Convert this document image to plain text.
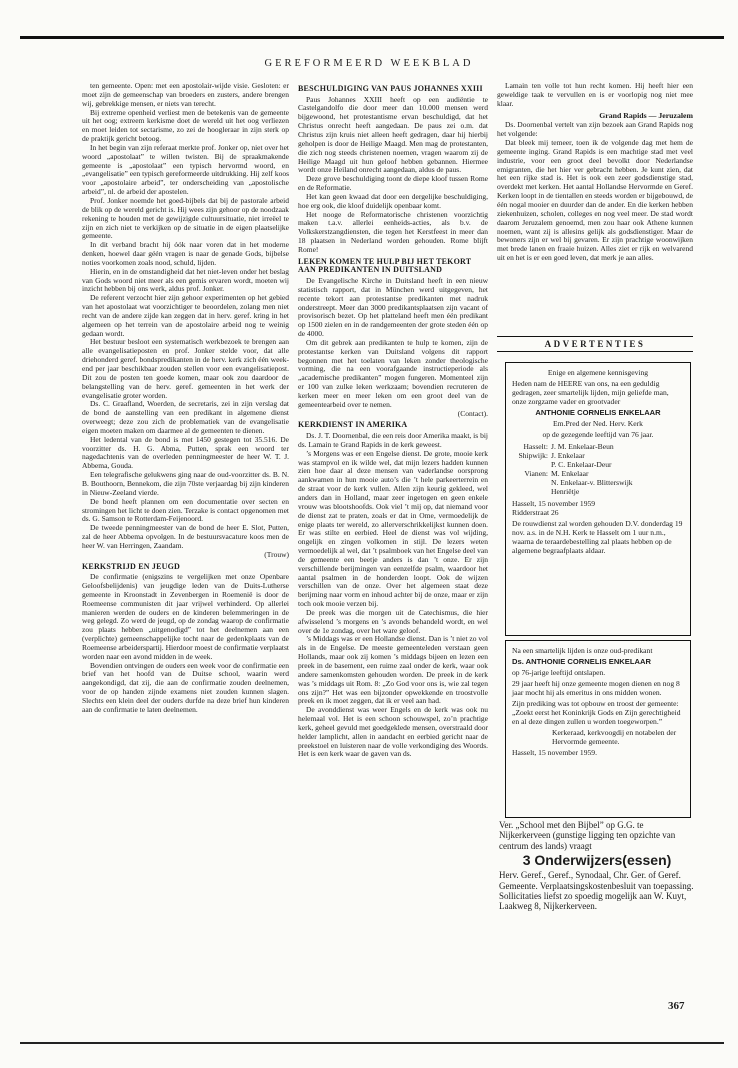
GEREFORMEERD WEEKBLAD

ten gemeente. Open: met een apostolair-wijde visie. Gesloten: er moet zijn de gemeenschap van broeders en zusters, andere brengen wij, gebrekkige mensen, er niets van terecht.

Bij extreme openheid verliest men de betekenis van de gemeente uit het oog; extreem kerkisme doet de wereld uit het oog verliezen en moet leiden tot sectarisme, zo zei de hoogleraar in zijn sterk op de praktijk gericht betoog.

In het begin van zijn referaat merkte prof. Jonker op, niet over het woord „apostolaat” te willen twisten. Bij de spraakmakende gemeente is „apostolaat” een typisch hervormd woord, en „evangelisatie” een typisch gereformeerde uitdrukking. Hij zelf koos voor „apostolaire arbeid”, ter onderscheiding van „apostolische arbeid”, nl. de arbeid der apostelen.

Prof. Jonker noemde het goed-bijbels dat bij de pastorale arbeid de blik op de wereld gericht is. Hij wees zijn gehoor op de noodzaak rekening te houden met de gewijzigde cultuursituatie, niet irreëel te zijn en zich niet te verkijken op de situatie in de eigen plaatselijke gemeente.

In dit verband bracht hij óók naar voren dat in het moderne denken, hoewel daar géén vragen is naar de genade Gods, bijbelse noties voorkomen zoals nood, schuld, lijden.

Hierin, en in de omstandigheid dat het niet-leven onder het beslag van Gods woord niet meer als een gemis ervaren wordt, moeten wij inzicht hebben bij ons werk, aldus prof. Jonker.

De referent verzocht hier zijn gehoor experimenten op het gebied van het apostolaat wat voorzichtiger te beoordelen, zolang men niet recht van de andere zijde kan zeggen dat in herv. geref. kring in het algemeen op het terrein van de apostolaire arbeid nog te weinig gedaan wordt.

Het bestuur besloot een systematisch werkbezoek te brengen aan alle evangelisatieposten en prof. Jonker stelde voor, dat alle driehonderd geref. bondspredikanten in de herv. kerk zich één week-end per jaar beschikbaar zouden stellen voor een evangelisatiepost. Dit zou de posten ten goede komen, maar ook zou daardoor de belangstelling van de herv. geref. gemeenten in het werk der evangelisatie groter worden.

Ds. C. Graafland, Woerden, de secretaris, zei in zijn verslag dat de bond de aanstelling van een predikant in algemene dienst overweegt; deze zou zich de problematiek van de evangelisatie eigen moeten maken om daarmee al de gemeenten te dienen.

Het ledental van de bond is met 1450 gestegen tot 35.516. De voorzitter ds. H. G. Abma, Putten, sprak een woord ter nagedachtenis van de overleden penningmeester de heer W. T. J. Abbema, Gouda.

Een telegrafische gelukwens ging naar de oud-voorzitter ds. B. N. B. Bouthoorn, Bennekom, die zijn 70ste verjaardag bij zijn kinderen in Nieuw-Zeeland vierde.

De bond heeft plannen om een documentatie over secten en stromingen het licht te doen zien. Terzake is contact opgenomen met ds. G. Samson te Rotterdam-Feijenoord.

De tweede penningmeester van de bond de heer E. Slot, Putten, zal de heer Abbema opvolgen. In de bestuursvacature koos men de heer W. van Herringen, Zaandam.

(Trouw)

KERKSTRIJD EN JEUGD

De confirmatie (enigszins te vergelijken met onze Openbare Geloofsbelijdenis) van jeugdige leden van de Duits-Lutherse gemeente in Kroonstadt in Zevenbergen in Roemenië is door de Roemeense communisten dit jaar vrijwel verhinderd. Op allerlei manieren werden de ouders en de kinderen belemmeringen in de weg gelegd. Zo werd de jeugd, op de zondag waarop de confirmatie zou plaats hebben „uitgenodigd” tot het deelnemen aan een (verplichte) gemeenschappelijke tocht naar de gedenkplaats van de Roemeense arbeiderspartij. Hierdoor moest de confirmatie verplaatst worden naar een avond midden in de week.

Bovendien ontvingen de ouders een week voor de confirmatie een brief van het hoofd van de Duitse school, waarin werd aangekondigd, dat zij, die aan de confirmatie zouden deelnemen, voor de op handen zijnde examens niet zouden kunnen slagen. Slechts een klein deel der ouders durfde na deze brief hun kinderen aan de confirmatie te laten deelnemen.

BESCHULDIGING VAN PAUS JOHANNES XXIII

Paus Johannes XXIII heeft op een audiëntie te Castelgandolfo die door meer dan 10.000 mensen werd bijgewoond, het protestantisme ervan beschuldigd, dat het Christus onrecht heeft aangedaan. De paus zei o.m. dat Christus zijn kruis niet alleen heeft gedragen, daar hij hierbij geholpen is door de Heilige Maagd. Men mag de protestanten, die zich nog steeds christenen noemen, vragen waarom zij de Heilige Maagd uit hun geloof hebben gebannen. Hiermee wordt onze Heiland onrecht aangedaan, aldus de paus.

Deze grove beschuldiging toont de diepe kloof tussen Rome en de Reformatie.

Het kan geen kwaad dat door een dergelijke beschuldiging, hoe erg ook, die kloof duidelijk openbaar komt.

Het nooge de Reformatorische christenen voorzichtig maken t.a.v. allerlei eenheids-acties, als b.v. de Volkskerstzangdiensten, die tegen het Kerstfeest in meer dan 18 plaatsen in Nederland worden gehouden. Rome blijft Rome!

LEKEN KOMEN TE HULP BIJ HET TEKORT AAN PREDIKANTEN IN DUITSLAND

De Evangelische Kirche in Duitsland heeft in een nieuw statistisch rapport, dat in München werd uitgegeven, het recente tekort aan protestantse predikanten met nadruk onderstreept. Meer dan 3000 predikantsplaatsen zijn vacant of provisorisch bezet. Op het platteland heeft men één predikant op 1500 zielen en in de randgemeenten der grote steden één op de 4000.

Om dit gebrek aan predikanten te hulp te komen, zijn de protestantse kerken van Duitsland volgens dit rapport begonnen met het toelaten van leken zonder theologische vorming, die na een voorafgaande instructieperiode als „academische predikanten” mogen fungeren. Momenteel zijn er 100 van zulke leken werkzaam; bovendien recruteren de kerken meer en meer leken om een groot deel van de gemeentearbeid over te nemen.

(Contact).

KERKDIENST IN AMERIKA

Ds. J. T. Doornenbal, die een reis door Amerika maakt, is bij ds. Lamain te Grand Rapids in de kerk geweest.

’s Morgens was er een Engelse dienst. De grote, mooie kerk was stampvol en ik wilde wel, dat mijn lezers hadden kunnen zien hoe daar al deze mensen van vaderlandse oorsprong aankwamen in hun mooie auto’s die ’t hele parkeerterrein en de straat voor de kerk vullen. Allen zijn keurig gekleed, wel anders dan in Holland, maar zeer ingetogen en geen enkele vrouw was blootshoofds. Ook viel ’t mij op, dat niemand voor de dienst zat te praten, zoals er dat in Ome, vermoedelijk de enige plaats ter wereld, zo allerverschrikkelijkst kunnen doen. Er was stilte en eerbied. Heel de dienst was vol wijding, ongelijk en zingen volkomen in stijl. De lezers weten vermoedelijk al wel, dat ’t psalmboek van het Engelse deel van de gemeente een beetje anders is dan ’t onze. Er zijn verschillende berijmingen van eenzelfde psalm, waardoor het aantal psalmen in de honderden loopt. Ook de wijzen verschillen van de onze. Over het algemeen staat deze berijming naar vorm en inhoud achter bij de onze, maar er zijn toch ook mooie verzen bij.

De preek was die morgen uit de Catechismus, die hier afwisselend ’s morgens en ’s avonds behandeld wordt, en wel over de 1e zondag, over het ware geloof.

’s Middags was er een Hollandse dienst. Dan is ’t niet zo vol als in de Engelse. De meeste gemeenteleden verstaan geen Hollands, maar ook zij komen ’s middags bijeen en lezen een preek in de basement, een ruime zaal onder de kerk, waar ook andere samenkomsten gehouden worden. De preek in de kerk was ’s middags uit Rom. 8: „Zo God voor ons is, wie zal tegen ons zijn?” Het was een bijzonder opwekkende en troostvolle preek en ik moet zeggen, dat ik er veel aan had.

De avonddienst was weer Engels en de kerk was ook nu helemaal vol. Het is een schoon schouwspel, zo’n prachtige kerk, geheel gevuld met goedgeklede mensen, overstraald door helder lamplicht, allen in aandacht en eerbied gericht naar de preekstoel en luisteren naar de volle verkondiging des Woords. Het is een kerk waar de gaven van ds.

Lamain ten volle tot hun recht komen. Hij heeft hier een geweldige taak te vervullen en is er voorlopig nog niet mee klaar.

Grand Rapids — Jeruzalem

Ds. Doornenbal vertelt van zijn bezoek aan Grand Rapids nog het volgende:

Dat bleek mij temeer, toen ik de volgende dag met hem de gemeente inging. Grand Rapids is een machtige stad met veel industrie, voor een groot deel bevolkt door Nederlandse emigranten, die het hier ver gebracht hebben. Je kunt zien, dat het een rijke stad is. Het is ook een zeer godsdienstige stad, overdekt met kerken. Het aantal Hollandse Hervormde en Geref. Kerken loopt in de tientallen en steeds worden er bijgebouwd, de één nogal mooier en duurder dan de ander. En die kerken hebben ziekenhuizen, scholen, colleges en nog veel meer. De stad wordt daarom Jeruzalem genoemd, men zou haar ook Athene kunnen noemen, want zij is allesins gelijk als godsdienstiger. Maar de bewoners zijn er wel bij gevaren. Er zijn prachtige woonwijken met brede lanen en fraaie huizen. Alles ziet er rijk en welvarend uit en het is er een goed leven, dat merk je aan alles.

ADVERTENTIES

Enige en algemene kennisgeving

Heden nam de HEERE van ons, na een geduldig gedragen, zeer smartelijk lijden, mijn geliefde man, onze zorgzame vader en grootvader

ANTHONIE CORNELIS ENKELAAR

Em.Pred der Ned. Herv. Kerk

op de gezegende leeftijd van 76 jaar.

Hasselt: J. M. Enkelaar-Beun
Shipwijk: J. Enkelaar
P. C. Enkelaar-Deur
Vianen: M. Enkelaar
N. Enkelaar-v. Blitterswijk
Henriëtje

Hasselt, 15 november 1959

Ridderstraat 26

De rouwdienst zal worden gehouden D.V. donderdag 19 nov. a.s. in de N.H. Kerk te Hasselt om 1 uur n.m., waarna de teraardebestelling zal plaats hebben op de algemene begraafplaats aldaar.

Na een smartelijk lijden is onze oud-predikant

Ds. ANTHONIE CORNELIS ENKELAAR

op 76-jarige leeftijd ontslapen.

29 jaar heeft hij onze gemeente mogen dienen en nog 8 jaar mocht hij als emeritus in ons midden wonen.

Zijn prediking was tot opbouw en troost der gemeente: „Zoekt eerst het Koninkrijk Gods en Zijn gerechtigheid en al deze dingen zullen u worden toegeworpen.”

Kerkeraad, kerkvoogdij en notabelen der Hervormde gemeente.

Hasselt, 15 november 1959.

Ver. „School met den Bijbel” op G.G. te Nijkerkerveen (gunstige ligging ten opzichte van centrum des lands) vraagt

3 Onderwijzers(essen)

Herv. Geref., Geref., Synodaal, Chr. Ger. of Geref. Gemeente. Verplaatsingskostenbesluit van toepassing.

Sollicitaties liefst zo spoedig mogelijk aan W. Kuyt, Laakweg 8, Nijkerkerveen.

367
